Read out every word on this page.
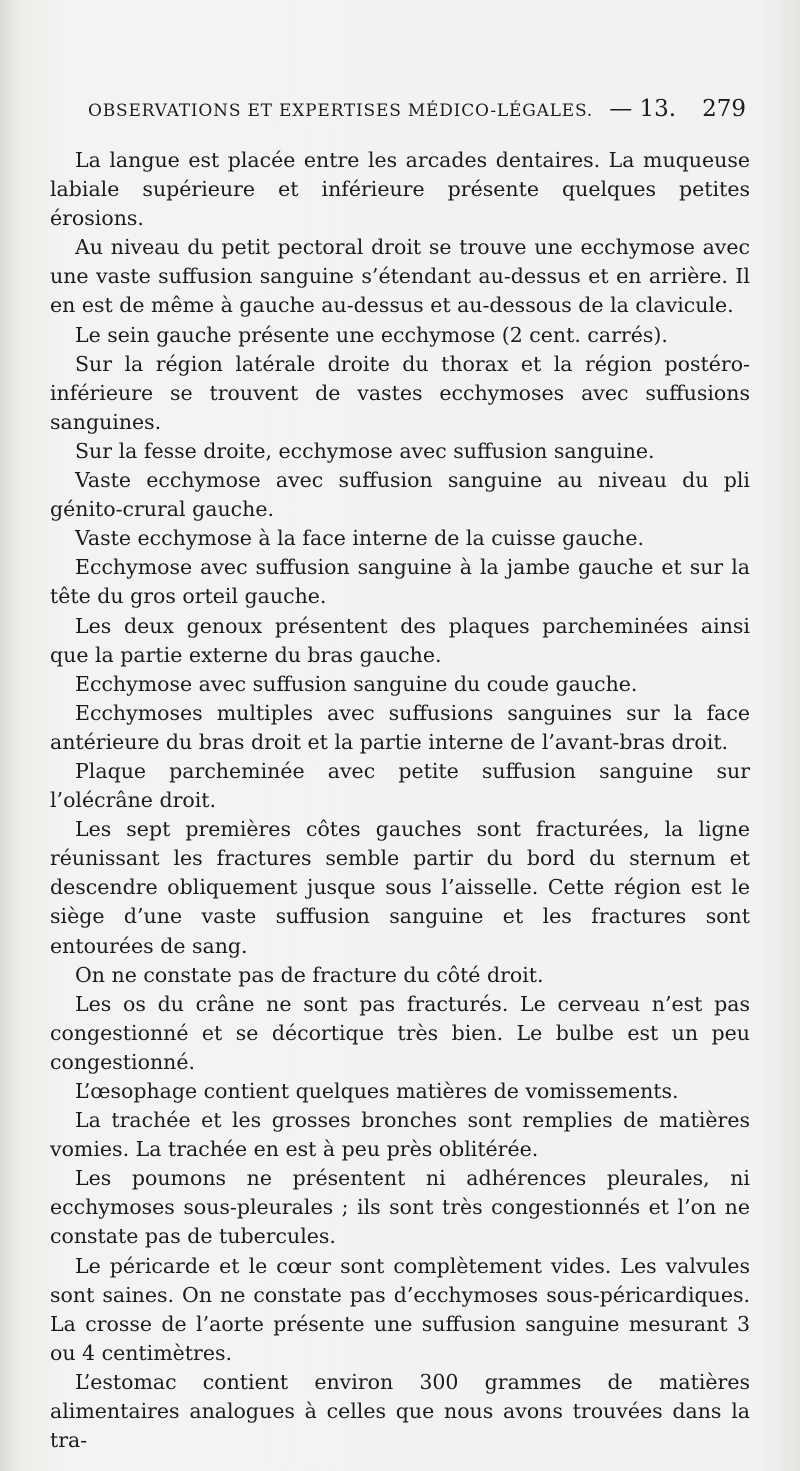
OBSERVATIONS ET EXPERTISES MÉDICO-LÉGALES. — 13. 279

La langue est placée entre les arcades dentaires. La muqueuse labiale supérieure et inférieure présente quelques petites érosions.

Au niveau du petit pectoral droit se trouve une ecchymose avec une vaste suffusion sanguine s’étendant au-dessus et en arrière. Il en est de même à gauche au-dessus et au-dessous de la clavicule.

Le sein gauche présente une ecchymose (2 cent. carrés).

Sur la région latérale droite du thorax et la région postéro-inférieure se trouvent de vastes ecchymoses avec suffusions sanguines.

Sur la fesse droite, ecchymose avec suffusion sanguine.

Vaste ecchymose avec suffusion sanguine au niveau du pli génito-crural gauche.

Vaste ecchymose à la face interne de la cuisse gauche.

Ecchymose avec suffusion sanguine à la jambe gauche et sur la tête du gros orteil gauche.

Les deux genoux présentent des plaques parcheminées ainsi que la partie externe du bras gauche.

Ecchymose avec suffusion sanguine du coude gauche.

Ecchymoses multiples avec suffusions sanguines sur la face antérieure du bras droit et la partie interne de l’avant-bras droit.

Plaque parcheminée avec petite suffusion sanguine sur l’olécrâne droit.

Les sept premières côtes gauches sont fracturées, la ligne réunissant les fractures semble partir du bord du sternum et descendre obliquement jusque sous l’aisselle. Cette région est le siège d’une vaste suffusion sanguine et les fractures sont entourées de sang.

On ne constate pas de fracture du côté droit.

Les os du crâne ne sont pas fracturés. Le cerveau n’est pas congestionné et se décortique très bien. Le bulbe est un peu congestionné.

L’œsophage contient quelques matières de vomissements.

La trachée et les grosses bronches sont remplies de matières vomies. La trachée en est à peu près oblitérée.

Les poumons ne présentent ni adhérences pleurales, ni ecchymoses sous-pleurales ; ils sont très congestionnés et l’on ne constate pas de tubercules.

Le péricarde et le cœur sont complètement vides. Les valvules sont saines. On ne constate pas d’ecchymoses sous-péricardiques. La crosse de l’aorte présente une suffusion sanguine mesurant 3 ou 4 centimètres.

L’estomac contient environ 300 grammes de matières alimentaires analogues à celles que nous avons trouvées dans la tra-
